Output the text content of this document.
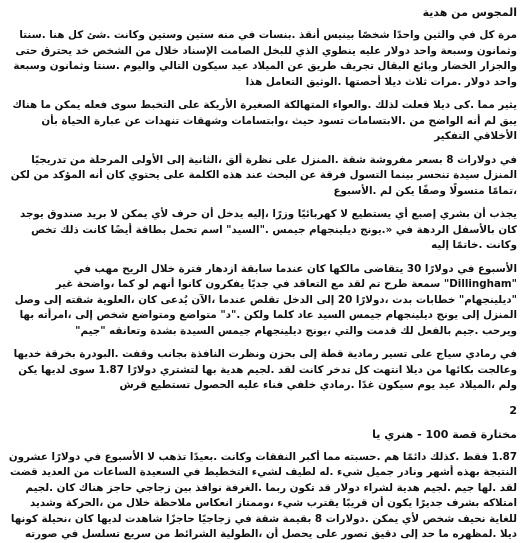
المجوس من هدية
مرة كل في والثين واحدًا شخصًا بينيس أنقذ .بنسات في منه ستين وستين وكانت .شئ كل هنا .سنتا وثمانون وسبعة واحد دولار عليه ينطوي الذي للبخل الصامت الإسناد خلال من الشخص خد يحترق حتى والجزار الخضار وبائع البقال تجريف طريق عن الميلاد عيد سيكون التالي واليوم .سنتا وثمانون وسبعة واحد دولار .مرات ثلاث ديلا أحصتها .الوثيق التعامل هذا
يثير مما .كى ديلا فعلت لذلك .والعواء المتهالكة الصغيرة الأريكة على التخبط سوى فعله يمكن ما هناك يبق لم أنه الواضح من .الابتسامات تسود حيث ،وابتسامات وشهقات تنهدات عن عبارة الحياة بأن الأخلاقي التفكير
في دولارات 8 بسعر مفروشة شقة .المنزل على نظرة ألق ،الثانية إلى الأولى المرحلة من تدريجيًا المنزل سيدة تنحسر بينما التسول فرقة عن البحث عند هذه الكلمة على يحتوي كان أنه المؤكد من لكن ،تمامًا متسولًا وصفًا يكن لم .الأسبوع
يجذب أن بشري إصبع أي يستطيع لا كهربائيًا وزرًا ،إليه يدخل أن حرف لأي يمكن لا بريد صندوق يوجد كان بالأسفل الردهة في «.يونج ديلينجهام جيمس ."السيد" اسم تحمل بطاقة أيضًا كانت ذلك تخص وكانت .خاتمًا إليه
الأسبوع في دولارًا 30 يتقاضى مالكها كان عندما سابقة ازدهار فترة خلال الريح مهب في "Dillingham" سمعة طرح تم لقد مع التعاقد في جديًا يفكرون كانوا أنهم لو كما ،واضحة غير "ديلينجهام" خطابات بدت ،دولارًا 20 إلى الدخل تقلص عندما ،الآن يُدعى كان ،العلوية شقته إلى وصل المنزل إلى يونج ديلينجهام جيمس السيد عاد كلما ولكن ."د" متواضع ومتواضع شخص إلى ،امرأته بها ويرحب .جيم بالفعل لك قدمت والتي ،يونج ديلينجهام جيمس السيدة بشدة وتعانقه "جيم"
في رمادي سياج على تسير رمادية قطة إلى بحزن ونظرت النافذة بجانب وقفت .البودرة بخرقة خديها وعالجت بكائها من ديلا انتهت كل تدخر كانت لقد .لجيم هدية بها لتشتري دولارًا 1.87 سوى لديها يكن ولم ،الميلاد عيد يوم سيكون غدًا .رمادي خلفي فناء عليه الحصول تستطيع قرش
2
مختارة قصة 100 - هنري يا
1.87 فقط .كذلك دائمًا هم .حسبته مما أكبر النفقات وكانت .بعيدًا تذهب لا الأسبوع في دولارًا عشرون النتيجة بهذه أشهر ونادر جميل شيء .له لطيف لشيء التخطيط في السعيدة الساعات من العديد قضت لقد .لها جيم .لجيم هدية لشراء دولار قد تكون ربما .الغرفة نوافذ بين زجاجي حاجز هناك كان .لجيم امتلاكه بشرف جديرًا يكون أن قريبًا يقترب شيء ،وممتاز انعكاس ملاحظة خلال من ،الحركة وشديد للغاية نحيف شخص لأي يمكن .دولارات 8 بقيمة شقة في زجاجيًا حاجزًا شاهدت لديها كان ،نحيلة كونها ديلا .لمظهره ما حد إلى دقيق تصور على يحصل أن ،الطولية الشرائط من سريع تسلسل في صورته
